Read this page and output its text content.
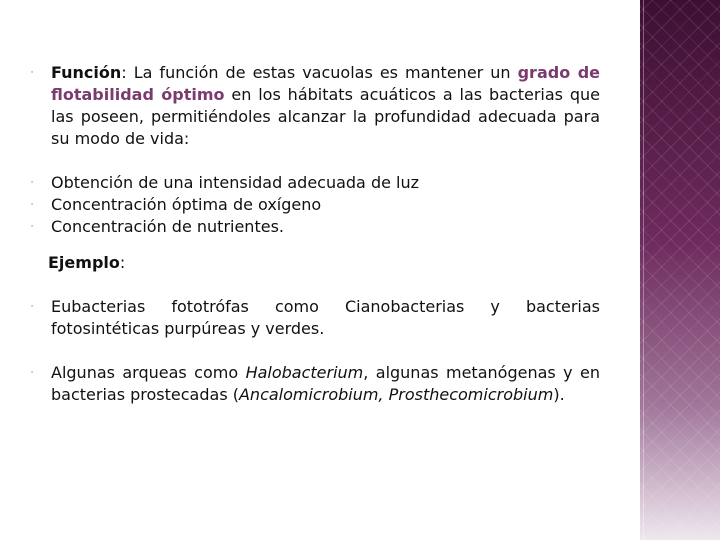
· Función: La función de estas vacuolas es mantener un grado de flotabilidad óptimo en los hábitats acuáticos a las bacterias que las poseen, permitiéndoles alcanzar la profundidad adecuada para su modo de vida:
· Obtención de una intensidad adecuada de luz
· Concentración óptima de oxígeno
· Concentración de nutrientes.
Ejemplo:
· Eubacterias fototrófas como Cianobacterias y bacterias
fotosintéticas purpúreas y verdes.
· Algunas arqueas como Halobacterium, algunas metanógenas y en bacterias prostecadas (Ancalomicrobium, Prosthecomicrobium).
